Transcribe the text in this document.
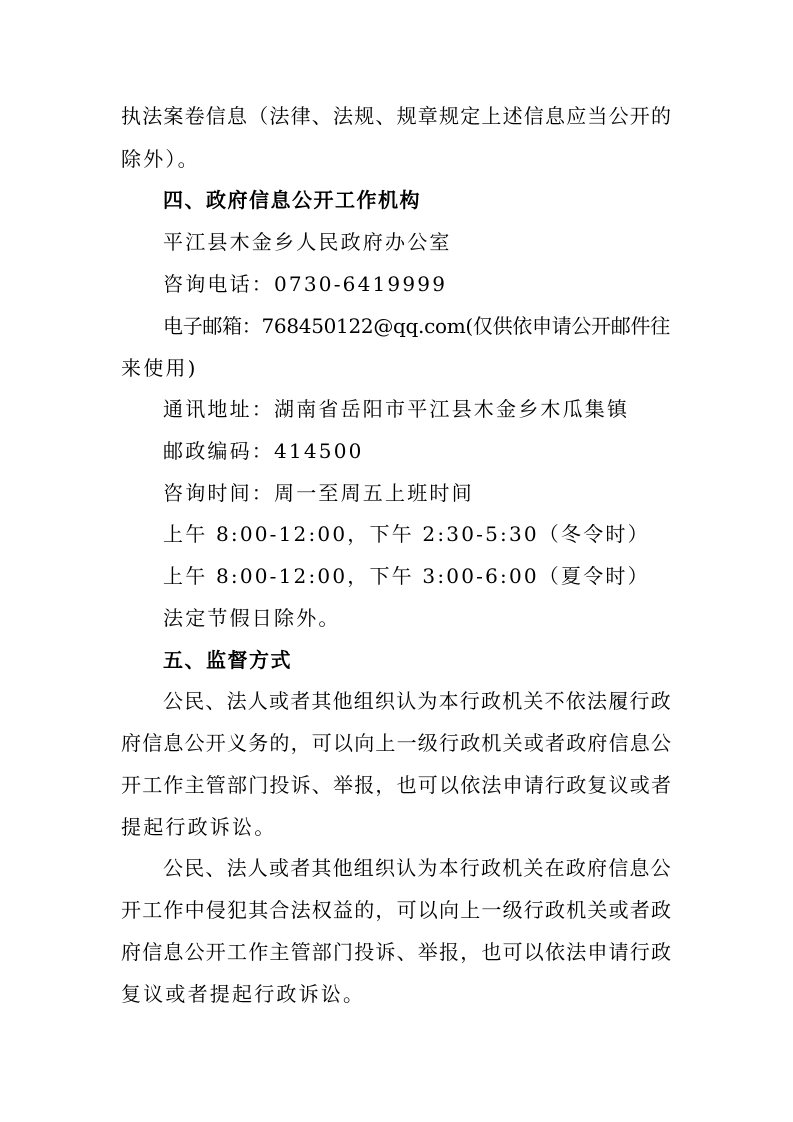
执法案卷信息（法律、法规、规章规定上述信息应当公开的
除外）。
四、政府信息公开工作机构
平江县木金乡人民政府办公室
咨询电话：0730-6419999
电子邮箱：768450122@qq.com(仅供依申请公开邮件往
来使用)
通讯地址：湖南省岳阳市平江县木金乡木瓜集镇
邮政编码：414500
咨询时间：周一至周五上班时间
上午 8:00-12:00，下午 2:30-5:30（冬令时）
上午 8:00-12:00，下午 3:00-6:00（夏令时）
法定节假日除外。
五、监督方式
公民、法人或者其他组织认为本行政机关不依法履行政
府信息公开义务的，可以向上一级行政机关或者政府信息公
开工作主管部门投诉、举报，也可以依法申请行政复议或者
提起行政诉讼。
公民、法人或者其他组织认为本行政机关在政府信息公
开工作中侵犯其合法权益的，可以向上一级行政机关或者政
府信息公开工作主管部门投诉、举报，也可以依法申请行政
复议或者提起行政诉讼。
